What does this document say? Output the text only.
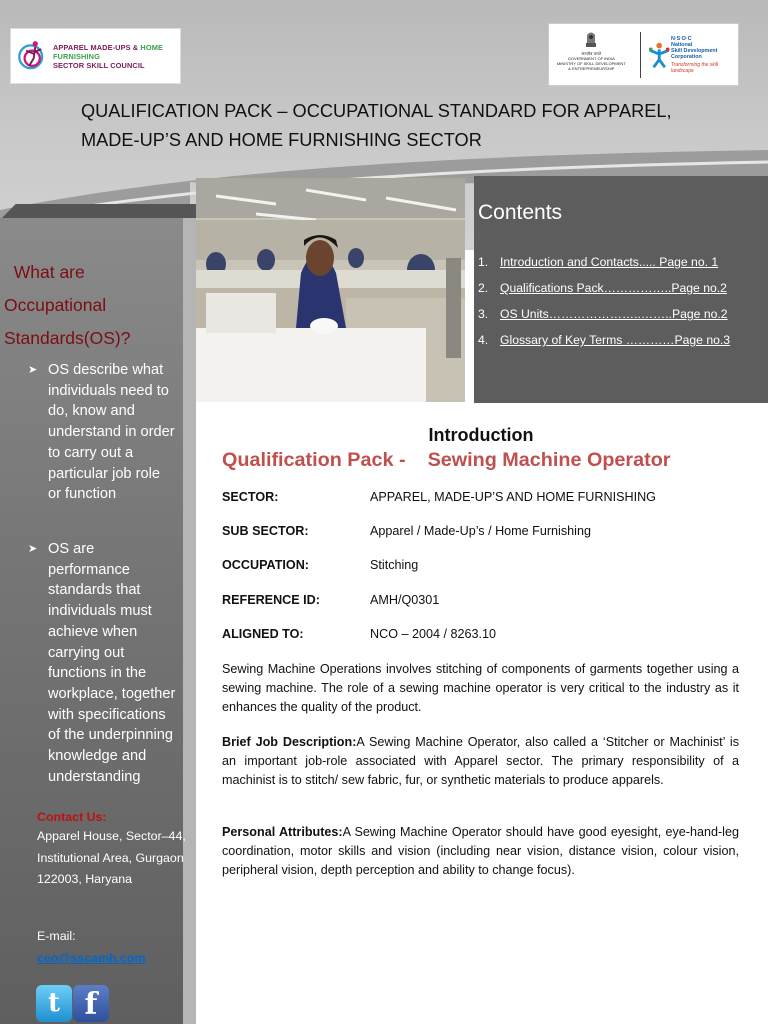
APPAREL MADE-UPS & HOME FURNISHING
SECTOR SKILL COUNCIL
सत्यमेव जयते
GOVERNMENT OF INDIA
MINISTRY OF SKILL DEVELOPMENT
& ENTREPRENEURSHIP
N·S·D·C
National
Skill Development
Corporation
Transforming the skill landscape
QUALIFICATION PACK – OCCUPATIONAL STANDARD FOR APPAREL, MADE-UP’S AND HOME FURNISHING SECTOR
What are Occupational Standards(OS)?
➤ OS describe what individuals need to do, know and understand in order to carry out a particular job role or function
➤ OS are performance standards that individuals must achieve when carrying out functions in the workplace, together with specifications of the underpinning knowledge and understanding
Contact Us:
Apparel House, Sector–44, Institutional Area, Gurgaon 122003, Haryana
E-mail:
ceo@sscamh.com
t f
Contents
1. Introduction and Contacts..... Page no. 1
2. Qualifications Pack……………..Page no.2
3. OS Units…………………..……..Page no.2
4. Glossary of Key Terms …………Page no.3
Introduction
Qualification Pack - Sewing Machine Operator
SECTOR:	APPAREL, MADE-UP’S AND HOME FURNISHING
SUB SECTOR:	Apparel / Made-Up’s / Home Furnishing
OCCUPATION:	Stitching
REFERENCE ID:	AMH/Q0301
ALIGNED TO:	NCO – 2004 / 8263.10
Sewing Machine Operations involves stitching of components of garments together using a sewing machine. The role of a sewing machine operator is very critical to the industry as it enhances the quality of the product.
Brief Job Description:A Sewing Machine Operator, also called a ‘Stitcher or Machinist’ is an important job-role associated with Apparel sector. The primary responsibility of a machinist is to stitch/ sew fabric, fur, or synthetic materials to produce apparels.
Personal Attributes:A Sewing Machine Operator should have good eyesight, eye-hand-leg coordination, motor skills and vision (including near vision, distance vision, colour vision, peripheral vision, depth perception and ability to change focus).
